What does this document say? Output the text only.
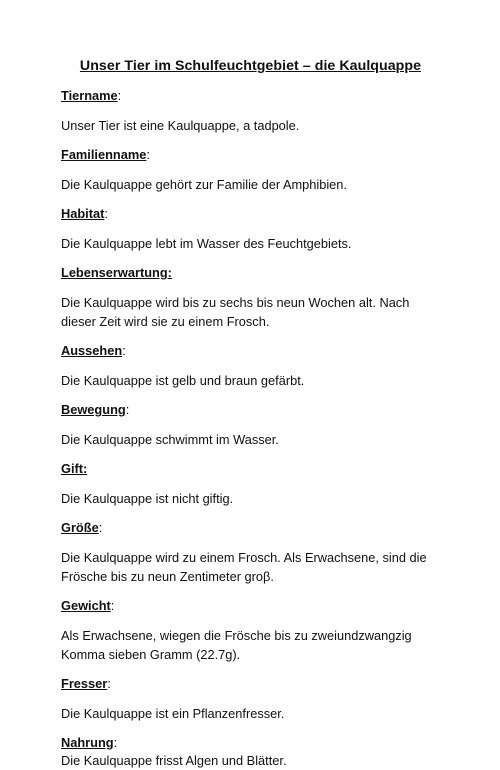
Unser Tier im Schulfeuchtgebiet – die Kaulquappe
Tiername:
Unser Tier ist eine Kaulquappe, a tadpole.
Familienname:
Die Kaulquappe gehört zur Familie der Amphibien.
Habitat:
Die Kaulquappe lebt im Wasser des Feuchtgebiets.
Lebenserwartung:
Die Kaulquappe wird bis zu sechs bis neun Wochen alt. Nach dieser Zeit wird sie zu einem Frosch.
Aussehen:
Die Kaulquappe ist gelb und braun gefärbt.
Bewegung:
Die Kaulquappe schwimmt im Wasser.
Gift:
Die Kaulquappe ist nicht giftig.
Größe:
Die Kaulquappe wird zu einem Frosch. Als Erwachsene, sind die Frösche bis zu neun Zentimeter groβ.
Gewicht:
Als Erwachsene, wiegen die Frösche bis zu zweiundzwangzig Komma sieben Gramm (22.7g).
Fresser:
Die Kaulquappe ist ein Pflanzenfresser.
Nahrung:
Die Kaulquappe frisst Algen und Blätter.
